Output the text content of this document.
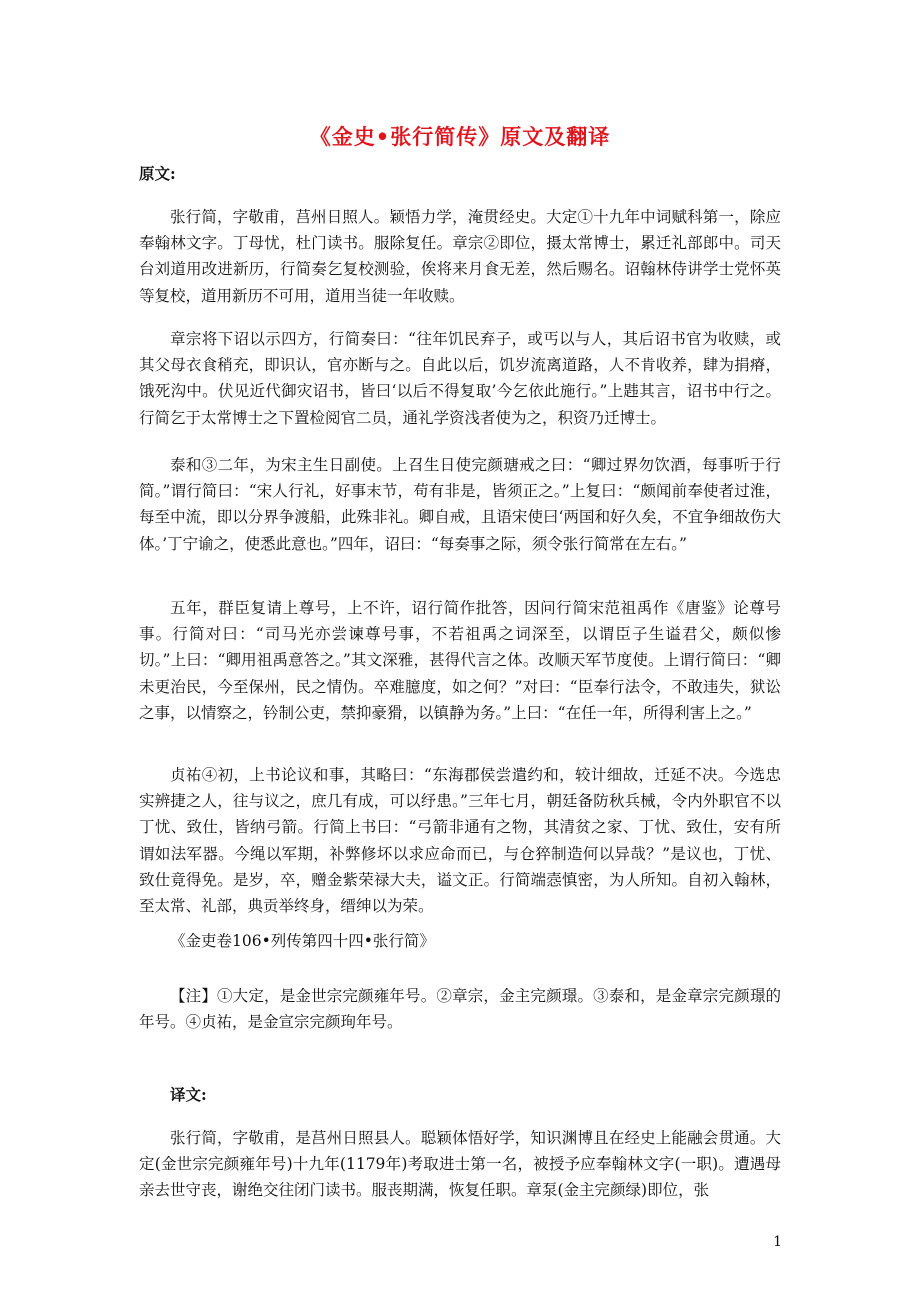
《金史•张行简传》原文及翻译

原文:

张行简，字敬甫，莒州日照人。颖悟力学，淹贯经史。大定①十九年中词赋科第一，除应奉翰林文字。丁母忧，杜门读书。服除复任。章宗②即位，摄太常博士，累迁礼部郎中。司天台刘道用改进新历，行简奏乞复校测验，俟将来月食无差，然后赐名。诏翰林侍讲学士党怀英等复校，道用新历不可用，道用当徒一年收赎。

章宗将下诏以示四方，行简奏曰：“往年饥民弃子，或丐以与人，其后诏书官为收赎，或其父母衣食稍充，即识认，官亦断与之。自此以后，饥岁流离道路，人不肯收养，肆为捐瘠，饿死沟中。伏见近代御灾诏书，皆曰‘以后不得复取’今乞依此施行。”上韪其言，诏书中行之。行简乞于太常博士之下置检阅官二员，通礼学资浅者使为之，积资乃迁博士。

泰和③二年，为宋主生日副使。上召生日使完颜瑭戒之曰：“卿过界勿饮酒，每事听于行简。”谓行简曰：“宋人行礼，好事末节，苟有非是，皆须正之。”上复曰：“颇闻前奉使者过淮，每至中流，即以分界争渡船，此殊非礼。卿自戒，且语宋使曰‘两国和好久矣，不宜争细故伤大体。’丁宁谕之，使悉此意也。”四年，诏曰：“每奏事之际，须令张行简常在左右。”

五年，群臣复请上尊号，上不许，诏行简作批答，因问行简宋范祖禹作《唐鉴》论尊号事。行简对曰：“司马光亦尝谏尊号事，不若祖禹之词深至，以谓臣子生谥君父，颇似惨切。”上曰：“卿用祖禹意答之。”其文深雅，甚得代言之体。改顺天军节度使。上谓行简曰：“卿未更治民，今至保州，民之情伪。卒难臆度，如之何？”对曰：“臣奉行法令，不敢违失，狱讼之事，以情察之，钤制公吏，禁抑豪猾，以镇静为务。”上曰：“在任一年，所得利害上之。”

贞祐④初，上书论议和事，其略曰：“东海郡侯尝遣约和，较计细故，迁延不决。今选忠实辨捷之人，往与议之，庶几有成，可以纾患。”三年七月，朝廷备防秋兵械，令内外职官不以丁忧、致仕，皆纳弓箭。行简上书曰：“弓箭非通有之物，其清贫之家、丁忧、致仕，安有所谓如法军器。今绳以军期，补弊修坏以求应命而已，与仓猝制造何以异哉？”是议也，丁忧、致仕竟得免。是岁，卒，赠金紫荣禄大夫，谥文正。行简端悫慎密，为人所知。自初入翰林，至太常、礼部，典贡举终身，缙绅以为荣。

《金吏卷106•列传第四十四•张行简》

【注】①大定，是金世宗完颜雍年号。②章宗，金主完颜璟。③泰和，是金章宗完颜璟的年号。④贞祐，是金宣宗完颜珣年号。

译文:

张行简，字敬甫，是莒州日照县人。聪颖体悟好学，知识渊博且在经史上能融会贯通。大定(金世宗完颜雍年号)十九年(1179年)考取进士第一名，被授予应奉翰林文字(一职)。遭遇母亲去世守丧，谢绝交往闭门读书。服丧期满，恢复任职。章泵(金主完颜绿)即位，张

1
